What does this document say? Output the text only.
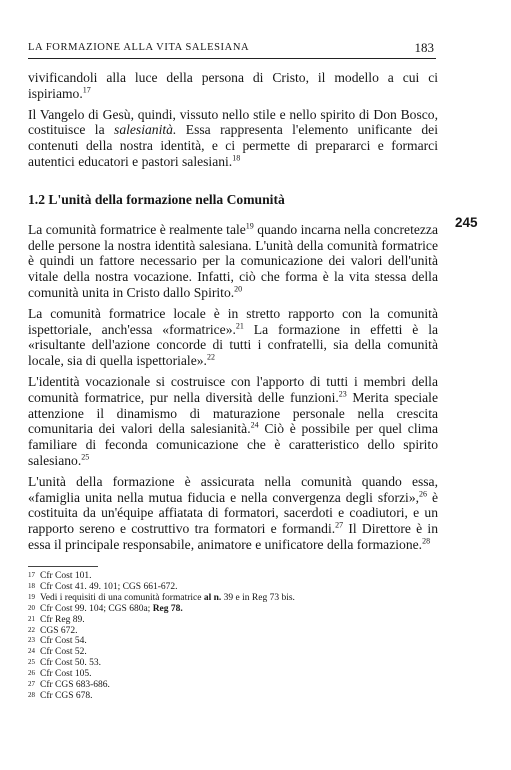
LA FORMAZIONE ALLA VITA SALESIANA	183
245

vivificandoli alla luce della persona di Cristo, il modello a cui ci ispiriamo.$^{17}$

Il Vangelo di Gesù, quindi, vissuto nello stile e nello spirito di Don Bosco, costituisce la salesianità. Essa rappresenta l'elemento unificante dei contenuti della nostra identità, e ci permette di prepararci e formarci autentici educatori e pastori salesiani.$^{18}$

1.2 L'unità della formazione nella Comunità

La comunità formatrice è realmente tale$^{19}$ quando incarna nella concretezza delle persone la nostra identità salesiana. L'unità della comunità formatrice è quindi un fattore necessario per la comunicazione dei valori dell'unità vitale della nostra vocazione. Infatti, ciò che forma è la vita stessa della comunità unita in Cristo dallo Spirito.$^{20}$

La comunità formatrice locale è in stretto rapporto con la comunità ispettoriale, anch'essa «formatrice».$^{21}$ La formazione in effetti è la «risultante dell'azione concorde di tutti i confratelli, sia della comunità locale, sia di quella ispettoriale».$^{22}$

L'identità vocazionale si costruisce con l'apporto di tutti i membri della comunità formatrice, pur nella diversità delle funzioni.$^{23}$ Merita speciale attenzione il dinamismo di maturazione personale nella crescita comunitaria dei valori della salesianità.$^{24}$ Ciò è possibile per quel clima familiare di feconda comunicazione che è caratteristico dello spirito salesiano.$^{25}$

L'unità della formazione è assicurata nella comunità quando essa, «famiglia unita nella mutua fiducia e nella convergenza degli sforzi»,$^{26}$ è costituita da un'équipe affiatata di formatori, sacerdoti e coadiutori, e un rapporto sereno e costruttivo tra formatori e formandi.$^{27}$ Il Direttore è in essa il principale responsabile, animatore e unificatore della formazione.$^{28}$

17 Cfr Cost 101.
18 Cfr Cost 41. 49. 101; CGS 661-672.
19 Vedi i requisiti di una comunità formatrice al n. 39 e in Reg 73 bis.
20 Cfr Cost 99. 104; CGS 680a; Reg 78.
21 Cfr Reg 89.
22 CGS 672.
23 Cfr Cost 54.
24 Cfr Cost 52.
25 Cfr Cost 50. 53.
26 Cfr Cost 105.
27 Cfr CGS 683-686.
28 Cfr CGS 678.
